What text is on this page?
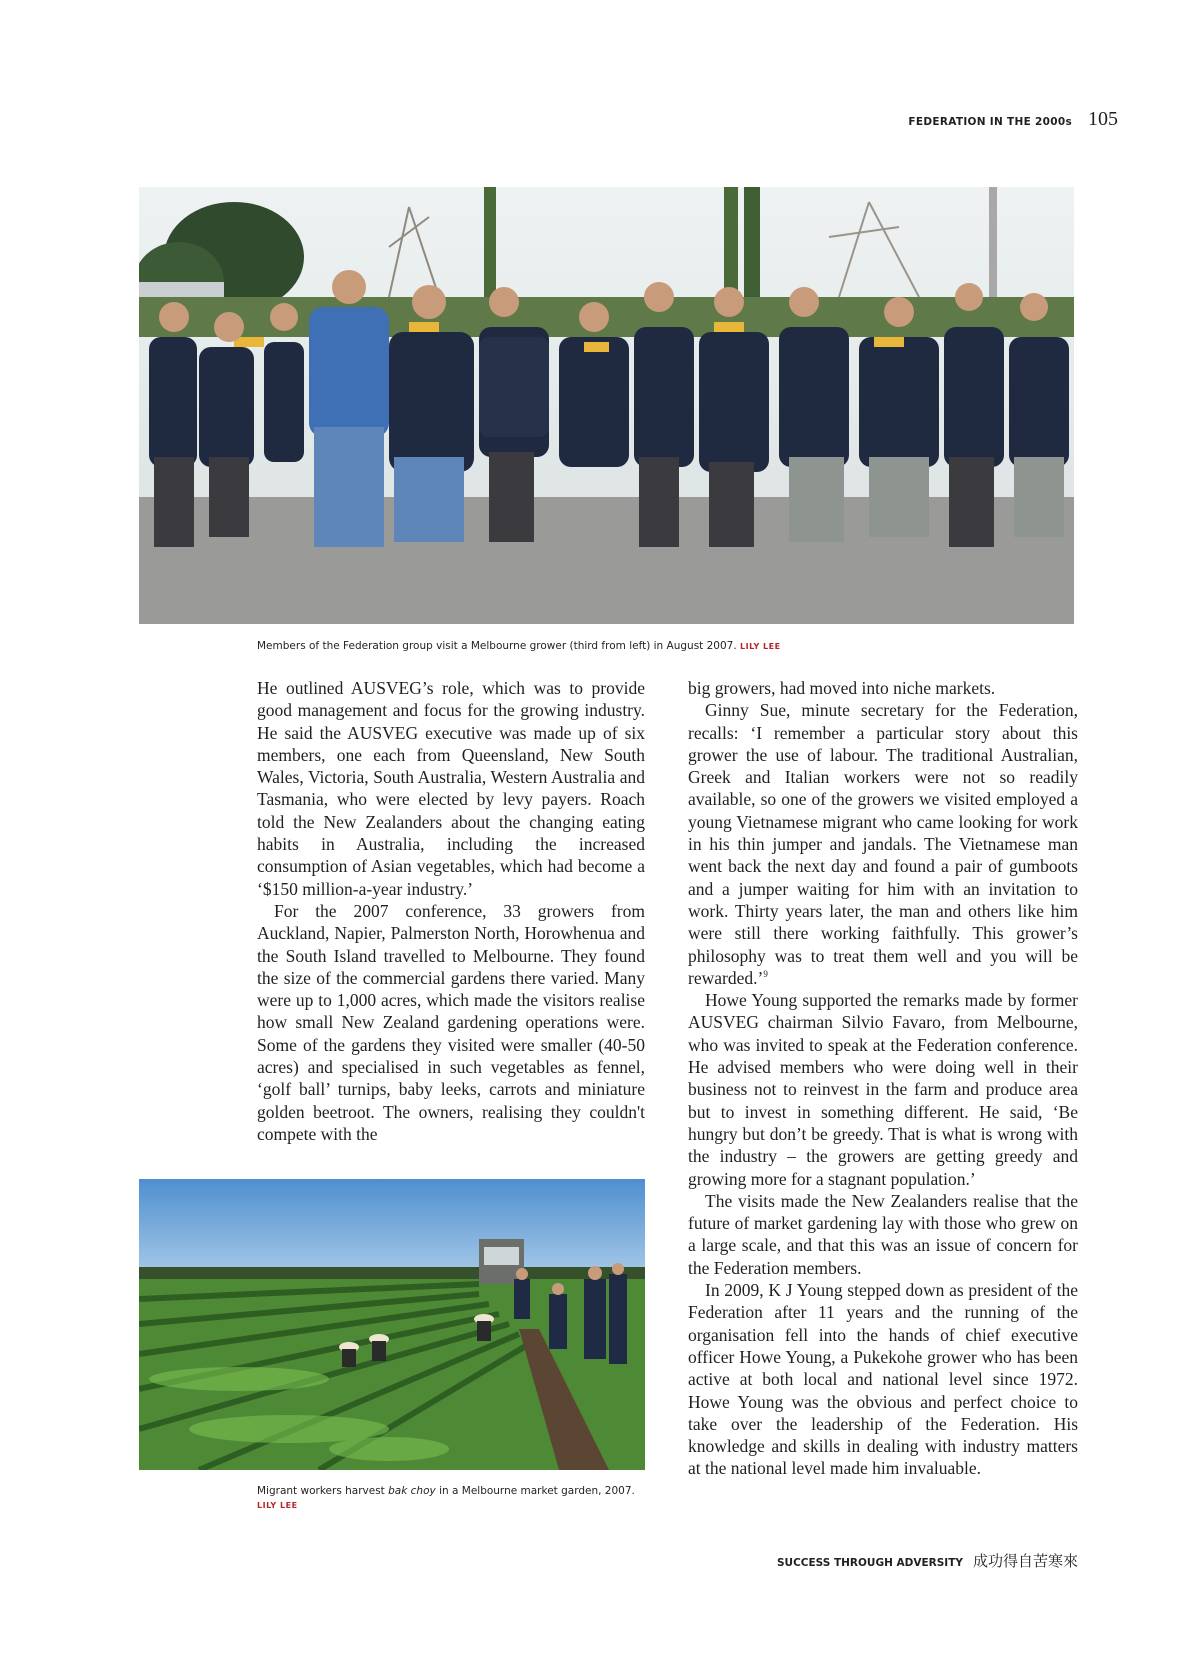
FEDERATION IN THE 2000s 105
Members of the Federation group visit a Melbourne grower (third from left) in August 2007. LILY LEE

He outlined AUSVEG’s role, which was to provide good management and focus for the growing industry. He said the AUSVEG executive was made up of six members, one each from Queensland, New South Wales, Victoria, South Australia, Western Australia and Tasmania, who were elected by levy payers. Roach told the New Zealanders about the changing eating habits in Australia, including the increased consumption of Asian vegetables, which had become a ‘$150 million-a-year industry.’

For the 2007 conference, 33 growers from Auckland, Napier, Palmerston North, Horowhenua and the South Island travelled to Melbourne. They found the size of the commercial gardens there varied. Many were up to 1,000 acres, which made the visitors realise how small New Zealand gardening operations were. Some of the gardens they visited were smaller (40-50 acres) and specialised in such vegetables as fennel, ‘golf ball’ turnips, baby leeks, carrots and miniature golden beetroot. The owners, realising they couldn't compete with the

big growers, had moved into niche markets.

Ginny Sue, minute secretary for the Federation, recalls: ‘I remember a particular story about this grower the use of labour. The traditional Australian, Greek and Italian workers were not so readily available, so one of the growers we visited employed a young Vietnamese migrant who came looking for work in his thin jumper and jandals. The Vietnamese man went back the next day and found a pair of gumboots and a jumper waiting for him with an invitation to work. Thirty years later, the man and others like him were still there working faithfully. This grower’s philosophy was to treat them well and you will be rewarded.’$^9$

Howe Young supported the remarks made by former AUSVEG chairman Silvio Favaro, from Melbourne, who was invited to speak at the Federation conference. He advised members who were doing well in their business not to reinvest in the farm and produce area but to invest in something different. He said, ‘Be hungry but don’t be greedy. That is what is wrong with the industry – the growers are getting greedy and growing more for a stagnant population.’

The visits made the New Zealanders realise that the future of market gardening lay with those who grew on a large scale, and that this was an issue of concern for the Federation members.

In 2009, K J Young stepped down as president of the Federation after 11 years and the running of the organisation fell into the hands of chief executive officer Howe Young, a Pukekohe grower who has been active at both local and national level since 1972. Howe Young was the obvious and perfect choice to take over the leadership of the Federation. His knowledge and skills in dealing with industry matters at the national level made him invaluable.

Migrant workers harvest bak choy in a Melbourne market garden, 2007.
LILY LEE
SUCCESS THROUGH ADVERSITY 成功得自苦寒來
